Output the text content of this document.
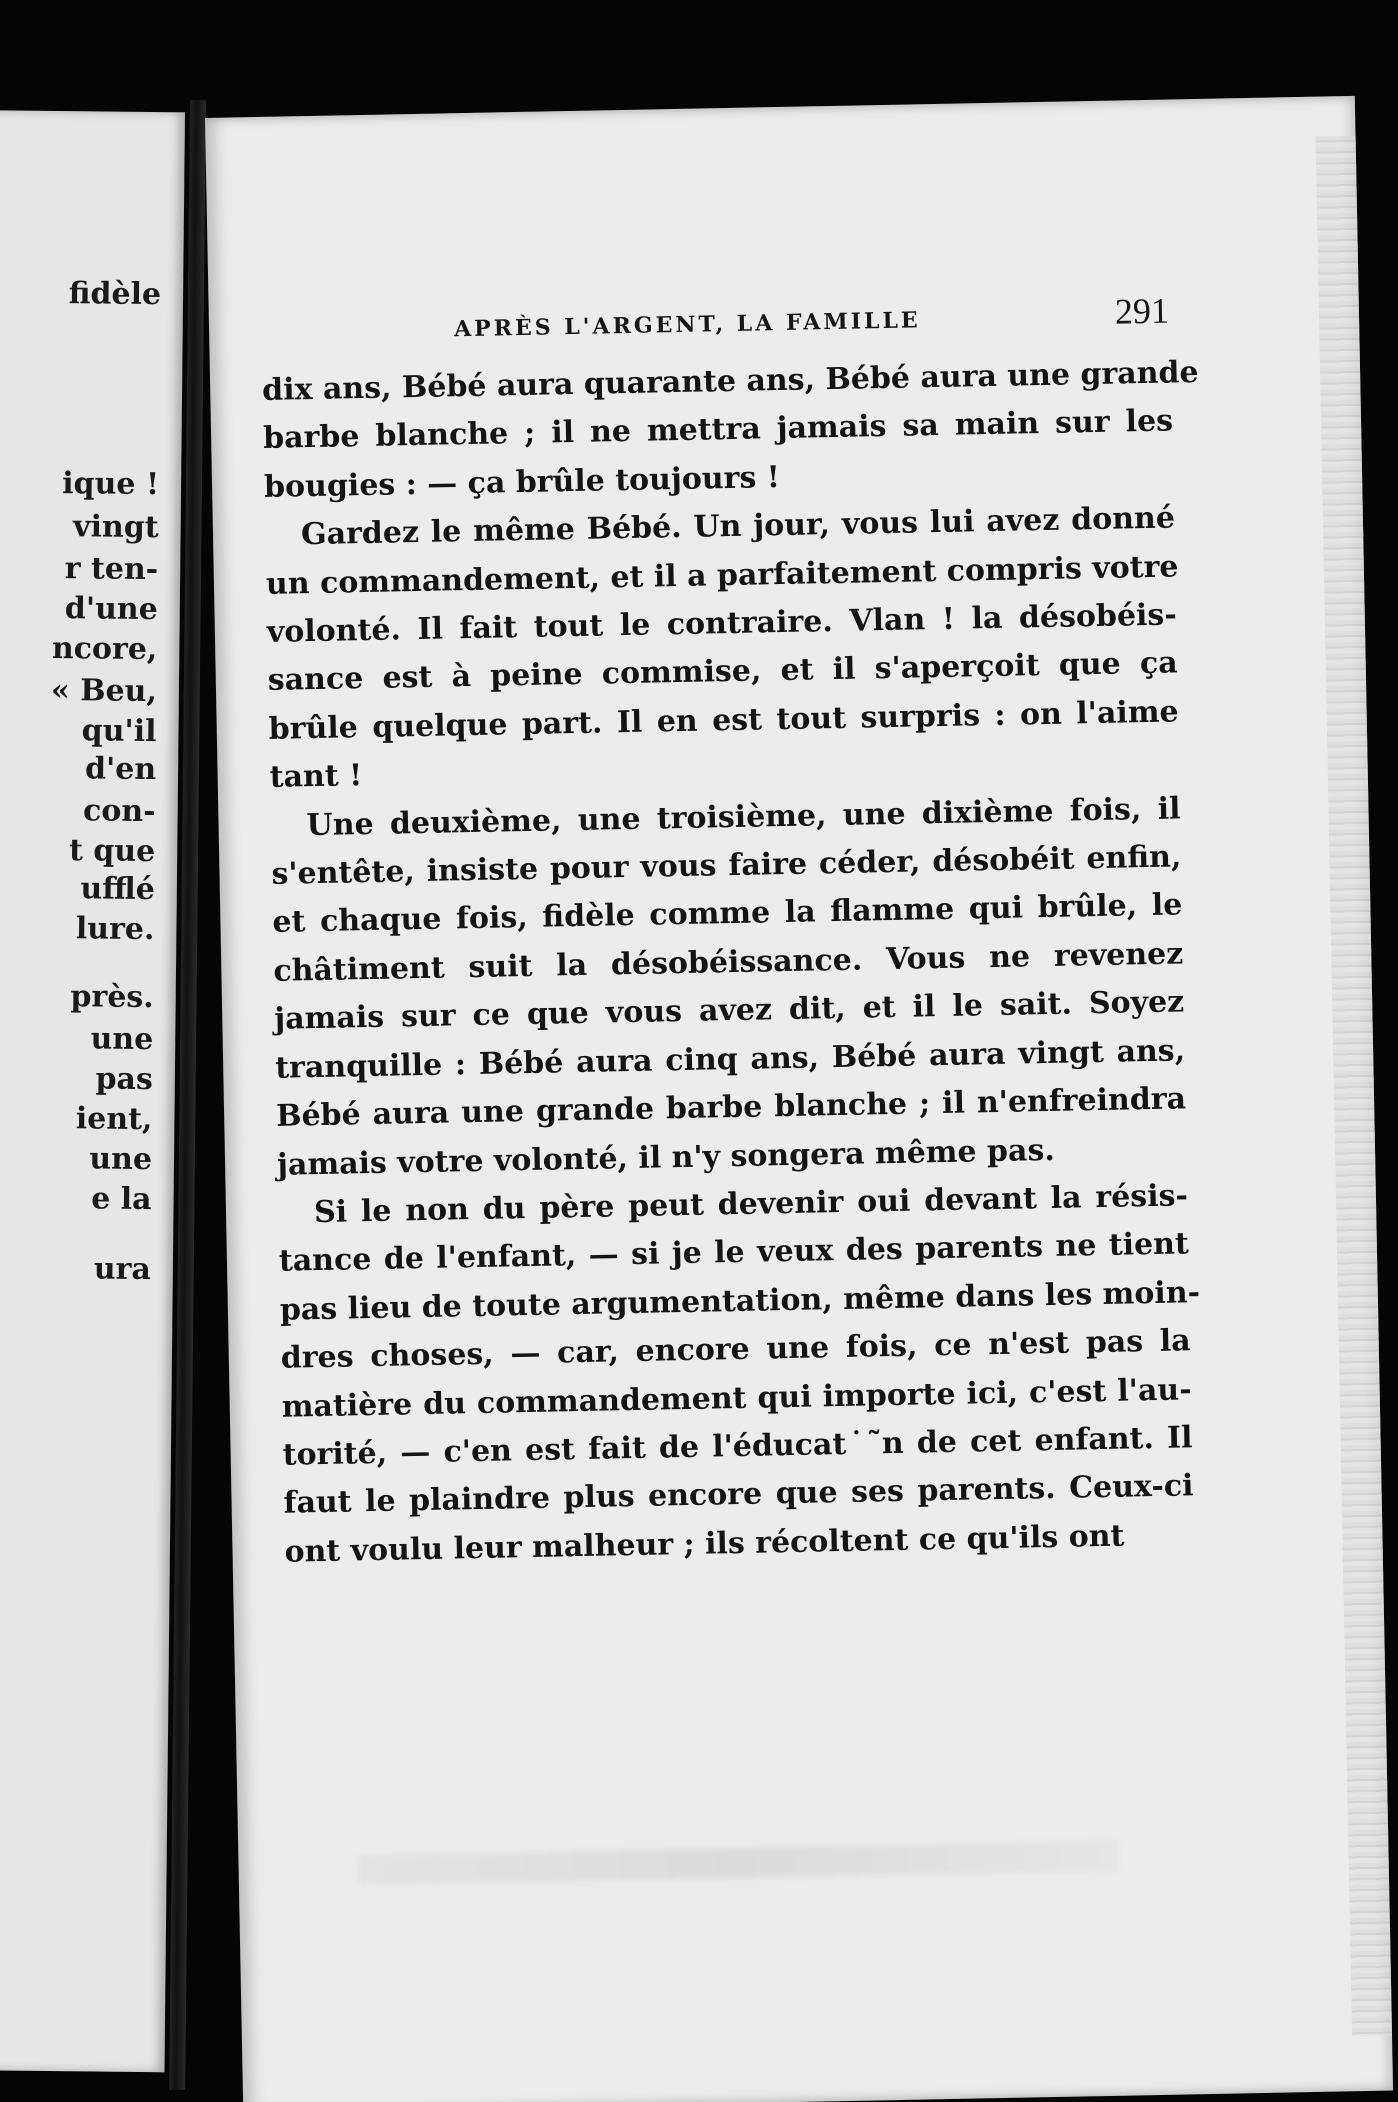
fidèle
ique !
vingt
r ten-
d'une
ncore,
« Beu,
qu'il
d'en
con-
t que
ufflé
lure.
près.
une
pas
ient,
une
e la
ura
APRÈS L'ARGENT, LA FAMILLE	291
dix ans, Bébé aura quarante ans, Bébé aura une grande
barbe blanche ; il ne mettra jamais sa main sur les
bougies : — ça brûle toujours !
Gardez le même Bébé. Un jour, vous lui avez donné
un commandement, et il a parfaitement compris votre
volonté. Il fait tout le contraire. Vlan ! la désobéis-
sance est à peine commise, et il s'aperçoit que ça
brûle quelque part. Il en est tout surpris : on l'aime
tant !
Une deuxième, une troisième, une dixième fois, il
s'entête, insiste pour vous faire céder, désobéit enfin,
et chaque fois, fidèle comme la flamme qui brûle, le
châtiment suit la désobéissance. Vous ne revenez
jamais sur ce que vous avez dit, et il le sait. Soyez
tranquille : Bébé aura cinq ans, Bébé aura vingt ans,
Bébé aura une grande barbe blanche ; il n'enfreindra
jamais votre volonté, il n'y songera même pas.
Si le non du père peut devenir oui devant la résis-
tance de l'enfant, — si je le veux des parents ne tient
pas lieu de toute argumentation, même dans les moin-
dres choses, — car, encore une fois, ce n'est pas la
matière du commandement qui importe ici, c'est l'au-
torité, — c'en est fait de l'éducat˙˜n de cet enfant. Il
faut le plaindre plus encore que ses parents. Ceux-ci
ont voulu leur malheur ; ils récoltent ce qu'ils ont
